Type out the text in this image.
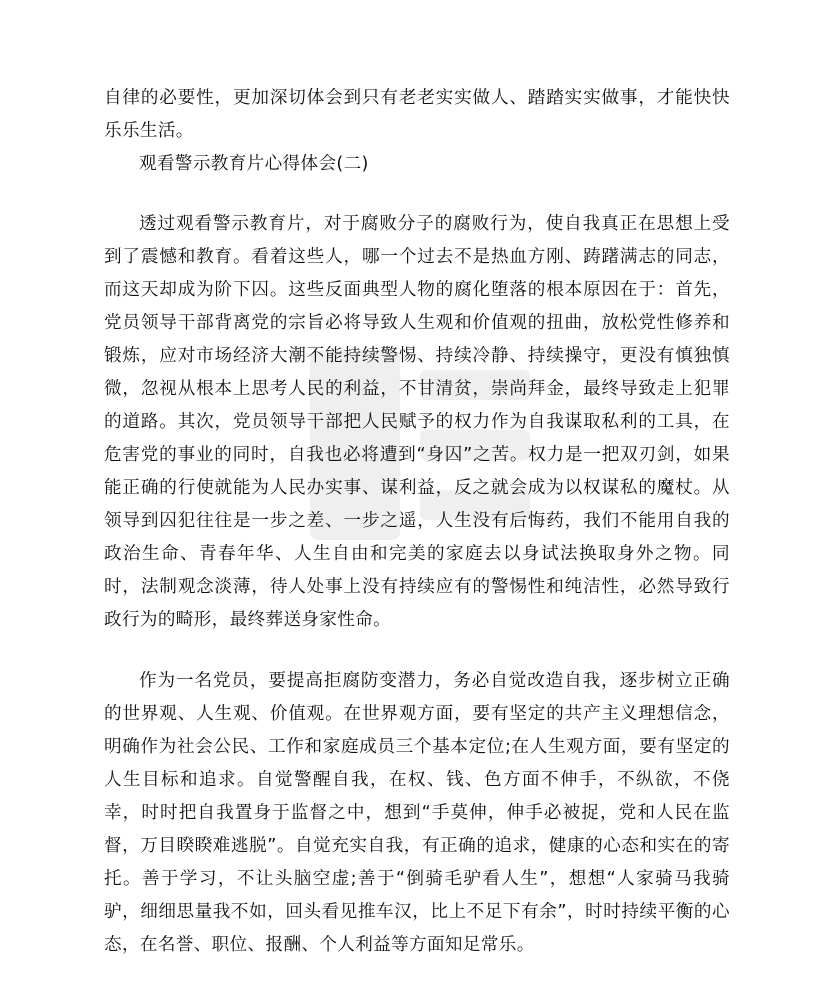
自律的必要性，更加深切体会到只有老老实实做人、踏踏实实做事，才能快快乐乐生活。

观看警示教育片心得体会(二)

透过观看警示教育片，对于腐败分子的腐败行为，使自我真正在思想上受到了震憾和教育。看着这些人，哪一个过去不是热血方刚、踌躇满志的同志，而这天却成为阶下囚。这些反面典型人物的腐化堕落的根本原因在于：首先，党员领导干部背离党的宗旨必将导致人生观和价值观的扭曲，放松党性修养和锻炼，应对市场经济大潮不能持续警惕、持续冷静、持续操守，更没有慎独慎微，忽视从根本上思考人民的利益，不甘清贫，崇尚拜金，最终导致走上犯罪的道路。其次，党员领导干部把人民赋予的权力作为自我谋取私利的工具，在危害党的事业的同时，自我也必将遭到“身囚”之苦。权力是一把双刃剑，如果能正确的行使就能为人民办实事、谋利益，反之就会成为以权谋私的魔杖。从领导到囚犯往往是一步之差、一步之遥，人生没有后悔药，我们不能用自我的政治生命、青春年华、人生自由和完美的家庭去以身试法换取身外之物。同时，法制观念淡薄，待人处事上没有持续应有的警惕性和纯洁性，必然导致行政行为的畸形，最终葬送身家性命。

作为一名党员，要提高拒腐防变潜力，务必自觉改造自我，逐步树立正确的世界观、人生观、价值观。在世界观方面，要有坚定的共产主义理想信念，明确作为社会公民、工作和家庭成员三个基本定位;在人生观方面，要有坚定的人生目标和追求。自觉警醒自我，在权、钱、色方面不伸手，不纵欲，不侥幸，时时把自我置身于监督之中，想到“手莫伸，伸手必被捉，党和人民在监督，万目睽睽难逃脱”。自觉充实自我，有正确的追求，健康的心态和实在的寄托。善于学习，不让头脑空虚;善于“倒骑毛驴看人生”，想想“人家骑马我骑驴，细细思量我不如，回头看见推车汉，比上不足下有余”，时时持续平衡的心态，在名誉、职位、报酬、个人利益等方面知足常乐。
